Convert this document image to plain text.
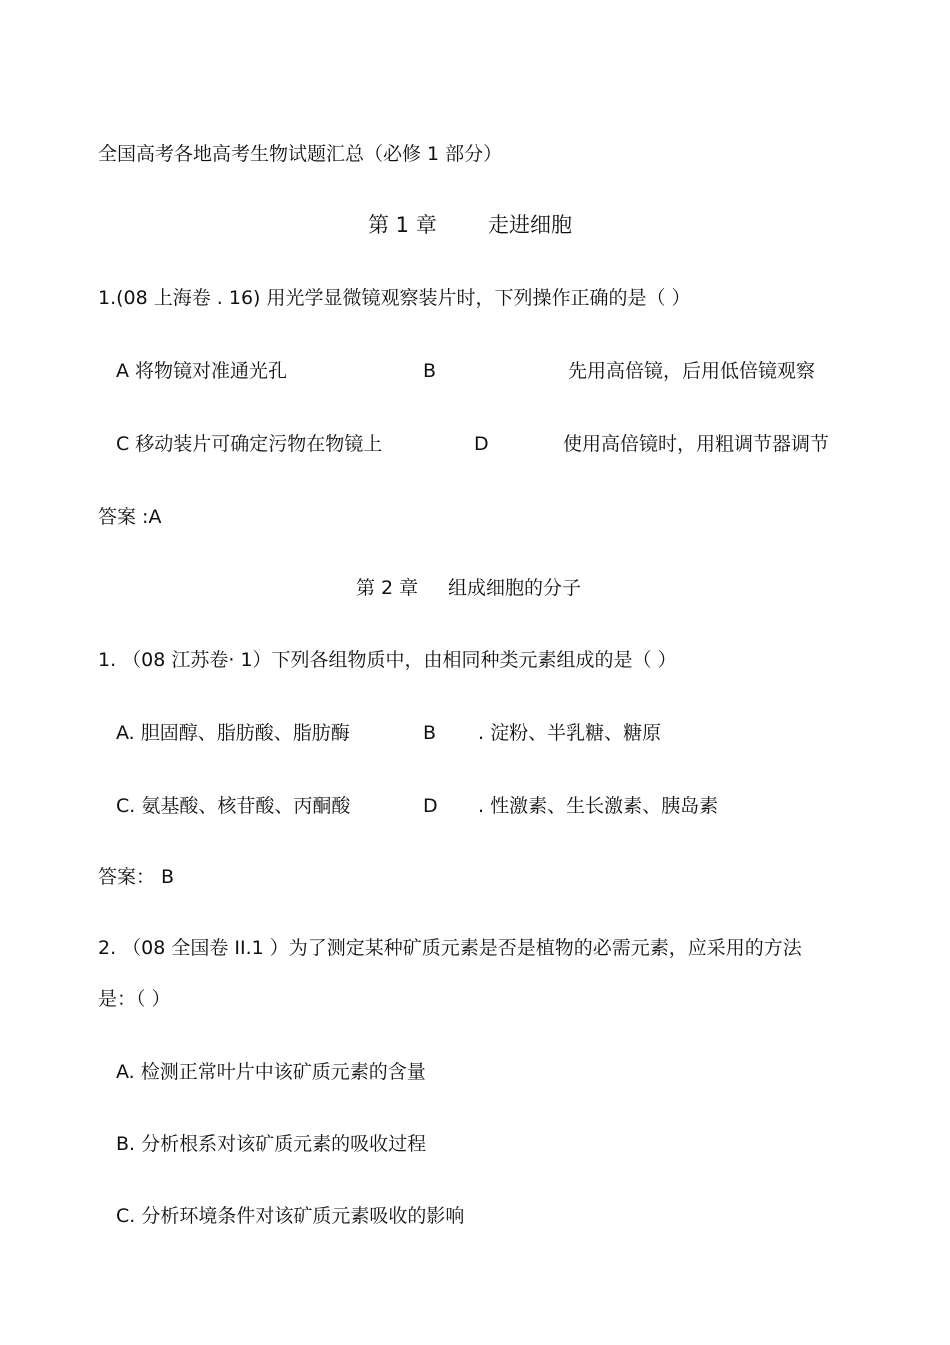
全国高考各地高考生物试题汇总（必修 1 部分）
第 1 章 走进细胞
1.(08 上海卷 . 16) 用光学显微镜观察装片时，下列操作正确的是（ ）
A 将物镜对准通光孔	B	先用高倍镜，后用低倍镜观察
C 移动装片可确定污物在物镜上	D	使用高倍镜时，用粗调节器调节
答案 :A
第 2 章 组成细胞的分子
1. （08 江苏卷· 1）下列各组物质中，由相同种类元素组成的是（ ）
A. 胆固醇、脂肪酸、脂肪酶	B . 淀粉、半乳糖、糖原
C. 氨基酸、核苷酸、丙酮酸	D . 性激素、生长激素、胰岛素
答案： B
2. （08 全国卷 II.1 ）为了测定某种矿质元素是否是植物的必需元素，应采用的方法
是：（ ）
A. 检测正常叶片中该矿质元素的含量
B. 分析根系对该矿质元素的吸收过程
C. 分析环境条件对该矿质元素吸收的影响
